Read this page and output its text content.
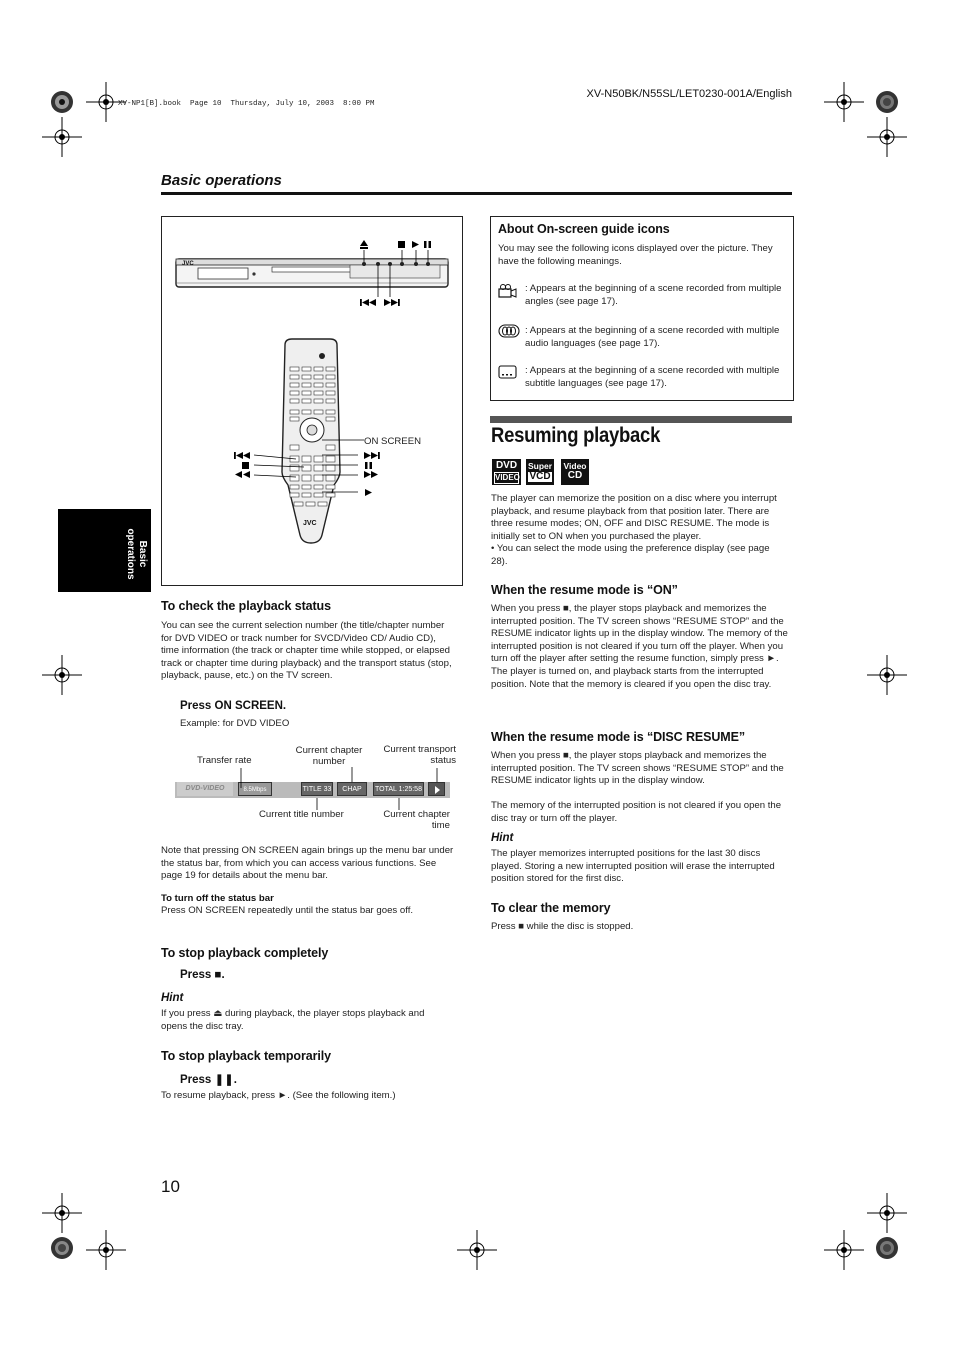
XV-NP1[B].book  Page 10  Thursday, July 10, 2003  8:00 PM
XV-N50BK/N55SL/LET0230-001A/English
Basic operations
Basic
operations
JVC
JVC
ON SCREEN
To check the playback status
You can see the current selection number (the title/chapter number for DVD VIDEO or track number for SVCD/Video CD/ Audio CD), time information (the track or chapter time while stopped, or elapsed track or chapter time during playback) and the transport status (stop, playback, pause, etc.) on the TV screen.
Press ON SCREEN.
Example: for DVD VIDEO
Transfer rate
Current chapter number
Current transport status
DVD-VIDEO	8.5Mbps	TITLE 33	CHAP 33
TOTAL 1:25:58
Current title number	Current chapter time
Note that pressing ON SCREEN again brings up the menu bar under the status bar, from which you can access various functions. See page 19 for details about the menu bar.
To turn off the status bar
Press ON SCREEN repeatedly until the status bar goes off.
To stop playback completely
Press ■.
Hint
If you press ⏏ during playback, the player stops playback and opens the disc tray.
To stop playback temporarily
Press ❚❚.
To resume playback, press ►. (See the following item.)
About On-screen guide icons
You may see the following icons displayed over the picture. They have the following meanings.
: Appears at the beginning of a scene recorded from multiple angles (see page 17).
: Appears at the beginning of a scene recorded with multiple audio languages (see page 17).
: Appears at the beginning of a scene recorded with multiple subtitle languages (see page 17).
Resuming playback
DVD
VIDEO
Super
VCD
Video
CD
The player can memorize the position on a disc where you interrupt playback, and resume playback from that position later. There are three resume modes; ON, OFF and DISC RESUME. The mode is initially set to ON when you purchased the player.
• You can select the mode using the preference display (see page 28).
When the resume mode is “ON”
When you press ■, the player stops playback and memorizes the interrupted position. The TV screen shows “RESUME STOP” and the RESUME indicator lights up in the display window. The memory of the interrupted position is not cleared if you turn off the player. When you turn off the player after setting the resume function, simply press ►. The player is turned on, and playback starts from the interrupted position. Note that the memory is cleared if you open the disc tray.
When the resume mode is “DISC RESUME”
When you press ■, the player stops playback and memorizes the interrupted position. The TV screen shows “RESUME STOP” and the RESUME indicator lights up in the display window.
The memory of the interrupted position is not cleared if you open the disc tray or turn off the player.
Hint
The player memorizes interrupted positions for the last 30 discs played. Storing a new interrupted position will erase the interrupted position stored for the first disc.
To clear the memory
Press ■ while the disc is stopped.
10
